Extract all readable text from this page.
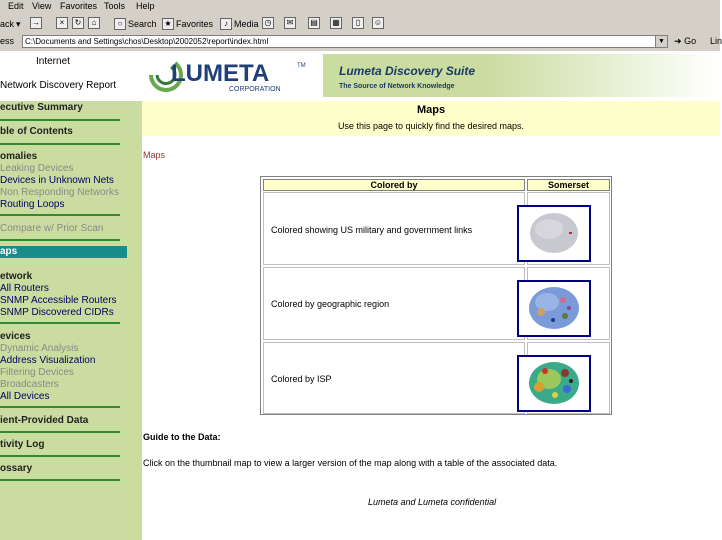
Edit View Favorites Tools Help
ack ▾ →	×	↻	⌂	○ Search ★ Favorites	♪ Media ◷	✉	▤ ▦	▯	☺
ess	C:\Documents and Settings\chos\Desktop\2002052\report\index.html	▼ ➜ Go Lin
Internet
Network Discovery Report
ecutive Summary
ble of Contents
omalies
Leaking Devices
Devices in Unknown Nets
Non Responding Networks
Routing Loops
Compare w/ Prior Scan
aps
etwork
All Routers
SNMP Accessible Routers
SNMP Discovered CIDRs
evices
Dynamic Analysis
Address Visualization
Filtering Devices
Broadcasters
All Devices
ient-Provided Data
tivity Log
ossary
LUMETA	TM
CORPORATION
Lumeta Discovery Suite
The Source of Network Knowledge
Maps
Use this page to quickly find the desired maps.
Maps
Colored by	Somerset
Colored showing US military and government links
Colored by geographic region
Colored by ISP
Guide to the Data:
Click on the thumbnail map to view a larger version of the map along with a table of the associated data.
Lumeta and Lumeta confidential
